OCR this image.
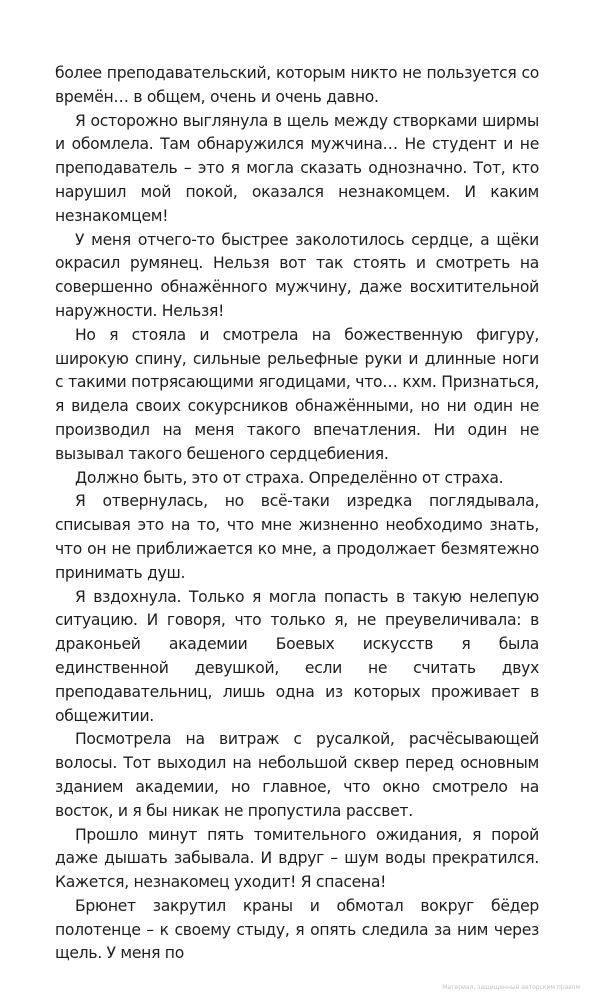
более преподавательский, которым никто не пользуется со времён… в общем, очень и очень давно.

Я осторожно выглянула в щель между створками ширмы и обомлела. Там обнаружился мужчина… Не студент и не преподаватель – это я могла сказать однозначно. Тот, кто нарушил мой покой, оказался незнакомцем. И каким незнакомцем!

У меня отчего-то быстрее заколотилось сердце, а щёки окрасил румянец. Нельзя вот так стоять и смотреть на совершенно обнажённого мужчину, даже восхитительной наружности. Нельзя!

Но я стояла и смотрела на божественную фигуру, широкую спину, сильные рельефные руки и длинные ноги с такими потрясающими ягодицами, что… кхм. Признаться, я видела своих сокурсников обнажёнными, но ни один не производил на меня такого впечатления. Ни один не вызывал такого бешеного сердцебиения.

Должно быть, это от страха. Определённо от страха.

Я отвернулась, но всё-таки изредка поглядывала, списывая это на то, что мне жизненно необходимо знать, что он не приближается ко мне, а продолжает безмятежно принимать душ.

Я вздохнула. Только я могла попасть в такую нелепую ситуацию. И говоря, что только я, не преувеличивала: в драконьей академии Боевых искусств я была единственной девушкой, если не считать двух преподавательниц, лишь одна из которых проживает в общежитии.

Посмотрела на витраж с русалкой, расчёсывающей волосы. Тот выходил на небольшой сквер перед основным зданием академии, но главное, что окно смотрело на восток, и я бы никак не пропустила рассвет.

Прошло минут пять томительного ожидания, я порой даже дышать забывала. И вдруг – шум воды прекратился. Кажется, незнакомец уходит! Я спасена!

Брюнет закрутил краны и обмотал вокруг бёдер полотенце – к своему стыду, я опять следила за ним через щель. У меня по

Материал, защищенный авторским правом
